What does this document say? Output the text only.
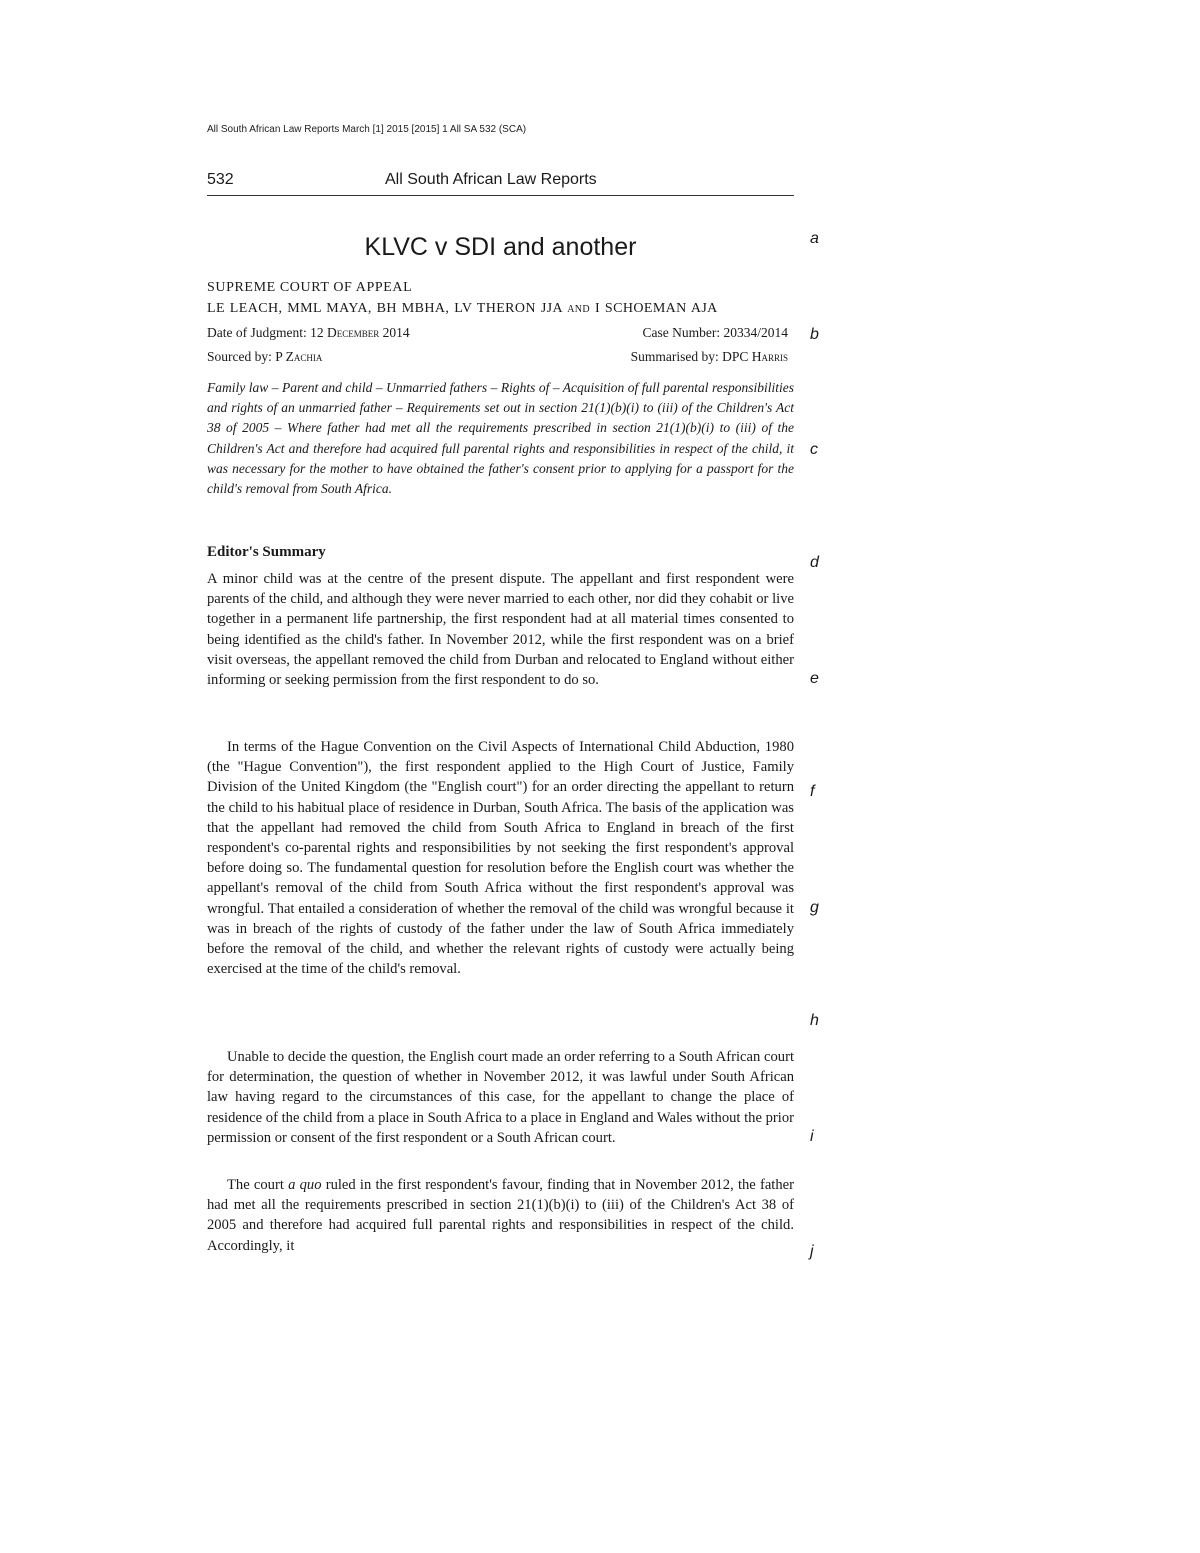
All South African Law Reports March [1] 2015 [2015] 1 All SA 532 (SCA)
532	All South African Law Reports
KLVC v SDI and another
SUPREME COURT OF APPEAL
LE LEACH, MML MAYA, BH MBHA, LV THERON JJA and I SCHOEMAN AJA
Date of Judgment: 12 December 2014	Case Number: 20334/2014
Sourced by: P Zachia	Summarised by: DPC Harris

Family law – Parent and child – Unmarried fathers – Rights of – Acquisition of full parental responsibilities and rights of an unmarried father – Requirements set out in section 21(1)(b)(i) to (iii) of the Children's Act 38 of 2005 – Where father had met all the requirements prescribed in section 21(1)(b)(i) to (iii) of the Children's Act and therefore had acquired full parental rights and responsibilities in respect of the child, it was necessary for the mother to have obtained the father's consent prior to applying for a passport for the child's removal from South Africa.

Editor's Summary

A minor child was at the centre of the present dispute. The appellant and first respondent were parents of the child, and although they were never married to each other, nor did they cohabit or live together in a permanent life partnership, the first respondent had at all material times consented to being identified as the child's father. In November 2012, while the first respondent was on a brief visit overseas, the appellant removed the child from Durban and relocated to England without either informing or seeking permission from the first respondent to do so.

In terms of the Hague Convention on the Civil Aspects of International Child Abduction, 1980 (the "Hague Convention"), the first respondent applied to the High Court of Justice, Family Division of the United Kingdom (the "English court") for an order directing the appellant to return the child to his habitual place of residence in Durban, South Africa. The basis of the application was that the appellant had removed the child from South Africa to England in breach of the first respondent's co-parental rights and responsibilities by not seeking the first respondent's approval before doing so. The fundamental question for resolution before the English court was whether the appellant's removal of the child from South Africa without the first respondent's approval was wrongful. That entailed a consideration of whether the removal of the child was wrongful because it was in breach of the rights of custody of the father under the law of South Africa immediately before the removal of the child, and whether the relevant rights of custody were actually being exercised at the time of the child's removal.

Unable to decide the question, the English court made an order referring to a South African court for determination, the question of whether in November 2012, it was lawful under South African law having regard to the circumstances of this case, for the appellant to change the place of residence of the child from a place in South Africa to a place in England and Wales without the prior permission or consent of the first respondent or a South African court.

The court a quo ruled in the first respondent's favour, finding that in November 2012, the father had met all the requirements prescribed in section 21(1)(b)(i) to (iii) of the Children's Act 38 of 2005 and therefore had acquired full parental rights and responsibilities in respect of the child. Accordingly, it

a
b
c
d
e
f
g
h
i
j
